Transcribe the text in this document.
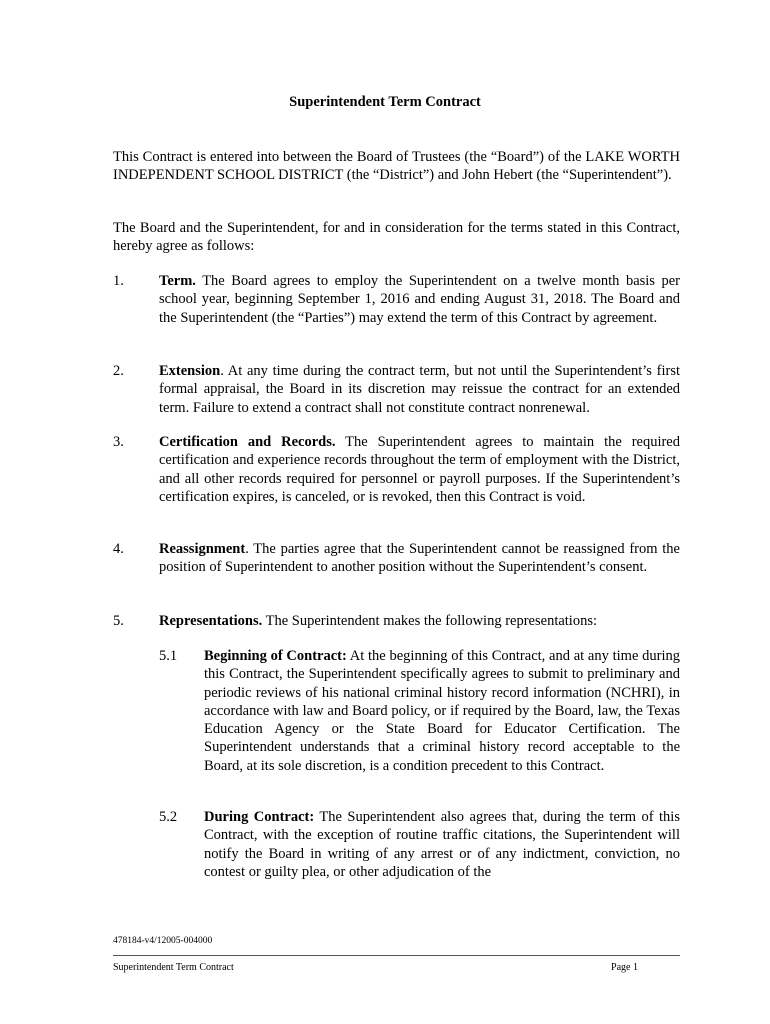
Superintendent Term Contract

This Contract is entered into between the Board of Trustees (the “Board”) of the LAKE WORTH INDEPENDENT SCHOOL DISTRICT (the “District”) and John Hebert (the “Superintendent”).

The Board and the Superintendent, for and in consideration for the terms stated in this Contract, hereby agree as follows:

1. Term. The Board agrees to employ the Superintendent on a twelve month basis per school year, beginning September 1, 2016 and ending August 31, 2018. The Board and the Superintendent (the “Parties”) may extend the term of this Contract by agreement.
2. Extension. At any time during the contract term, but not until the Superintendent’s first formal appraisal, the Board in its discretion may reissue the contract for an extended term. Failure to extend a contract shall not constitute contract nonrenewal.
3. Certification and Records. The Superintendent agrees to maintain the required certification and experience records throughout the term of employment with the District, and all other records required for personnel or payroll purposes. If the Superintendent’s certification expires, is canceled, or is revoked, then this Contract is void.
4. Reassignment. The parties agree that the Superintendent cannot be reassigned from the position of Superintendent to another position without the Superintendent’s consent.
5. Representations. The Superintendent makes the following representations:
5.1 Beginning of Contract: At the beginning of this Contract, and at any time during this Contract, the Superintendent specifically agrees to submit to preliminary and periodic reviews of his national criminal history record information (NCHRI), in accordance with law and Board policy, or if required by the Board, law, the Texas Education Agency or the State Board for Educator Certification. The Superintendent understands that a criminal history record acceptable to the Board, at its sole discretion, is a condition precedent to this Contract.
5.2 During Contract: The Superintendent also agrees that, during the term of this Contract, with the exception of routine traffic citations, the Superintendent will notify the Board in writing of any arrest or of any indictment, conviction, no contest or guilty plea, or other adjudication of the
478184-v4/12005-004000
Superintendent Term Contract	Page 1
